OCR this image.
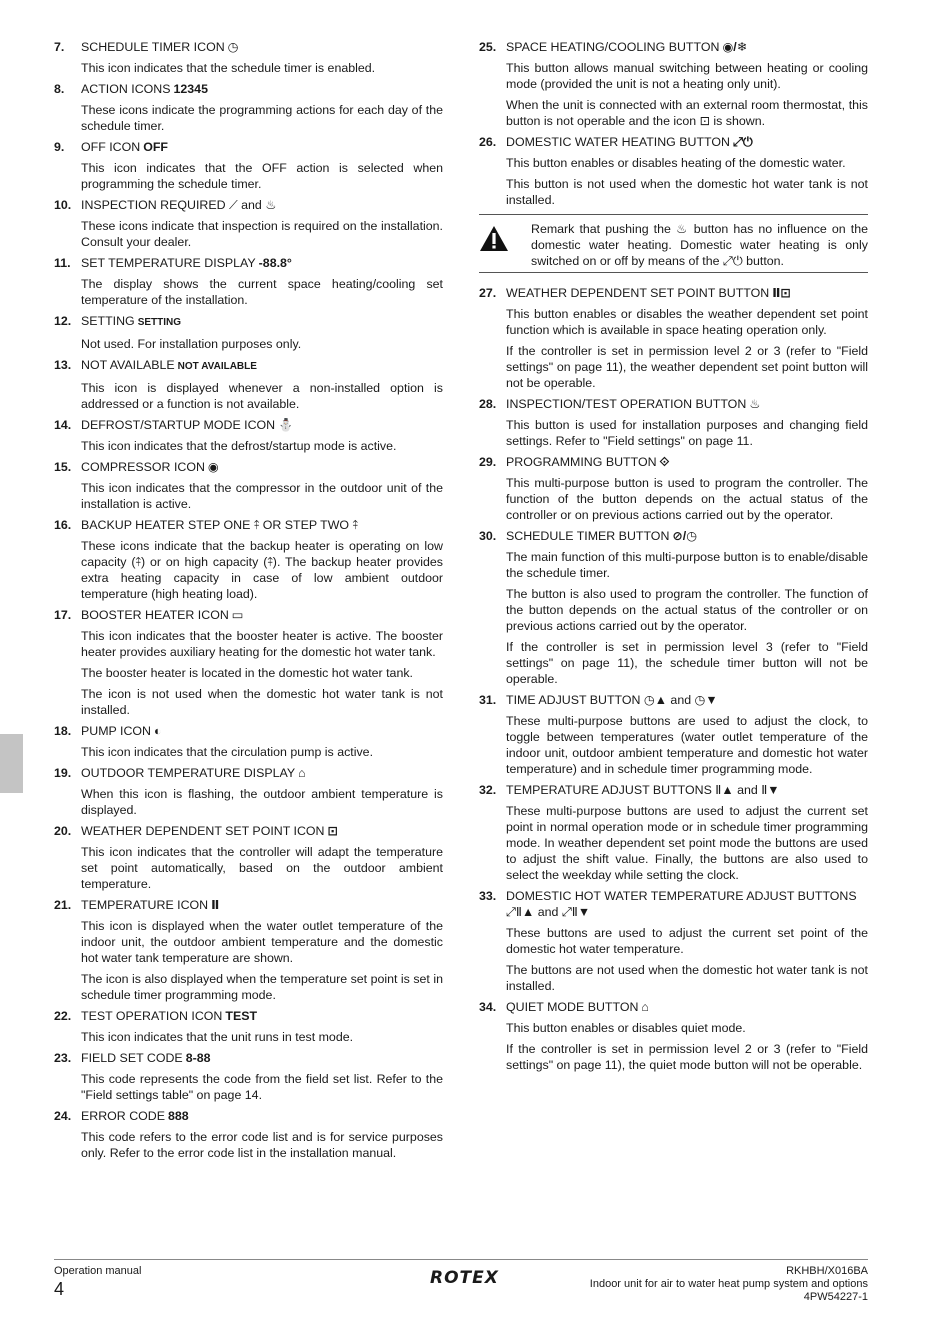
7.	SCHEDULE TIMER ICON ◷

This icon indicates that the schedule timer is enabled.

8.	ACTION ICONS 12345

These icons indicate the programming actions for each day of the schedule timer.

9.	OFF ICON OFF

This icon indicates that the OFF action is selected when programming the schedule timer.

10. INSPECTION REQUIRED ⟋ and ♨

These icons indicate that inspection is required on the installation. Consult your dealer.

11. SET TEMPERATURE DISPLAY -88.8°

The display shows the current space heating/cooling set temperature of the installation.

12. SETTING SETTING

Not used. For installation purposes only.

13. NOT AVAILABLE NOT AVAILABLE

This icon is displayed whenever a non-installed option is addressed or a function is not available.

14. DEFROST/STARTUP MODE ICON ⛄

This icon indicates that the defrost/startup mode is active.

15. COMPRESSOR ICON ◉

This icon indicates that the compressor in the outdoor unit of the installation is active.

16. BACKUP HEATER STEP ONE ⤉ OR STEP TWO ⤉

These icons indicate that the backup heater is operating on low capacity (⤉) or on high capacity (⤉). The backup heater provides extra heating capacity in case of low ambient outdoor temperature (high heating load).

17. BOOSTER HEATER ICON ▭

This icon indicates that the booster heater is active. The booster heater provides auxiliary heating for the domestic hot water tank.

The booster heater is located in the domestic hot water tank.

The icon is not used when the domestic hot water tank is not installed.

18. PUMP ICON ◐

This icon indicates that the circulation pump is active.

19. OUTDOOR TEMPERATURE DISPLAY ⌂

When this icon is flashing, the outdoor ambient temperature is displayed.

20. WEATHER DEPENDENT SET POINT ICON ⊡

This icon indicates that the controller will adapt the temperature set point automatically, based on the outdoor ambient temperature.

21. TEMPERATURE ICON Ⅱ

This icon is displayed when the water outlet temperature of the indoor unit, the outdoor ambient temperature and the domestic hot water tank temperature are shown.

The icon is also displayed when the temperature set point is set in schedule timer programming mode.

22. TEST OPERATION ICON TEST

This icon indicates that the unit runs in test mode.

23. FIELD SET CODE 8-88

This code represents the code from the field set list. Refer to the "Field settings table" on page 14.

24. ERROR CODE 888

This code refers to the error code list and is for service purposes only. Refer to the error code list in the installation manual.

25. SPACE HEATING/COOLING BUTTON ◉/❄

This button allows manual switching between heating or cooling mode (provided the unit is not a heating only unit).

When the unit is connected with an external room thermostat, this button is not operable and the icon ⊡ is shown.

26. DOMESTIC WATER HEATING BUTTON ⤢⏻

This button enables or disables heating of the domestic water.

This button is not used when the domestic hot water tank is not installed.

Remark that pushing the ♨ button has no influence on the domestic water heating. Domestic water heating is only switched on or off by means of the ⤢⏻ button.
27. WEATHER DEPENDENT SET POINT BUTTON Ⅱ⊡

This button enables or disables the weather dependent set point function which is available in space heating operation only.

If the controller is set in permission level 2 or 3 (refer to "Field settings" on page 11), the weather dependent set point button will not be operable.

28. INSPECTION/TEST OPERATION BUTTON ♨

This button is used for installation purposes and changing field settings. Refer to "Field settings" on page 11.

29. PROGRAMMING BUTTON ⟐

This multi-purpose button is used to program the controller. The function of the button depends on the actual status of the controller or on previous actions carried out by the operator.

30. SCHEDULE TIMER BUTTON ⊘/◷

The main function of this multi-purpose button is to enable/disable the schedule timer.

The button is also used to program the controller. The function of the button depends on the actual status of the controller or on previous actions carried out by the operator.

If the controller is set in permission level 3 (refer to "Field settings" on page 11), the schedule timer button will not be operable.

31. TIME ADJUST BUTTON ◷▲ and ◷▼

These multi-purpose buttons are used to adjust the clock, to toggle between temperatures (water outlet temperature of the indoor unit, outdoor ambient temperature and domestic hot water temperature) and in schedule timer programming mode.

32. TEMPERATURE ADJUST BUTTONS Ⅱ▲ and Ⅱ▼

These multi-purpose buttons are used to adjust the current set point in normal operation mode or in schedule timer programming mode. In weather dependent set point mode the buttons are used to adjust the shift value. Finally, the buttons are also used to select the weekday while setting the clock.

33. DOMESTIC HOT WATER TEMPERATURE ADJUST BUTTONS ⤢Ⅱ▲ and ⤢Ⅱ▼

These buttons are used to adjust the current set point of the domestic hot water temperature.

The buttons are not used when the domestic hot water tank is not installed.

34. QUIET MODE BUTTON ⌂

This button enables or disables quiet mode.

If the controller is set in permission level 2 or 3 (refer to "Field settings" on page 11), the quiet mode button will not be operable.

Operation manual
4
ROTEX	RKHBH/X016BA
Indoor unit for air to water heat pump system and options
4PW54227-1
